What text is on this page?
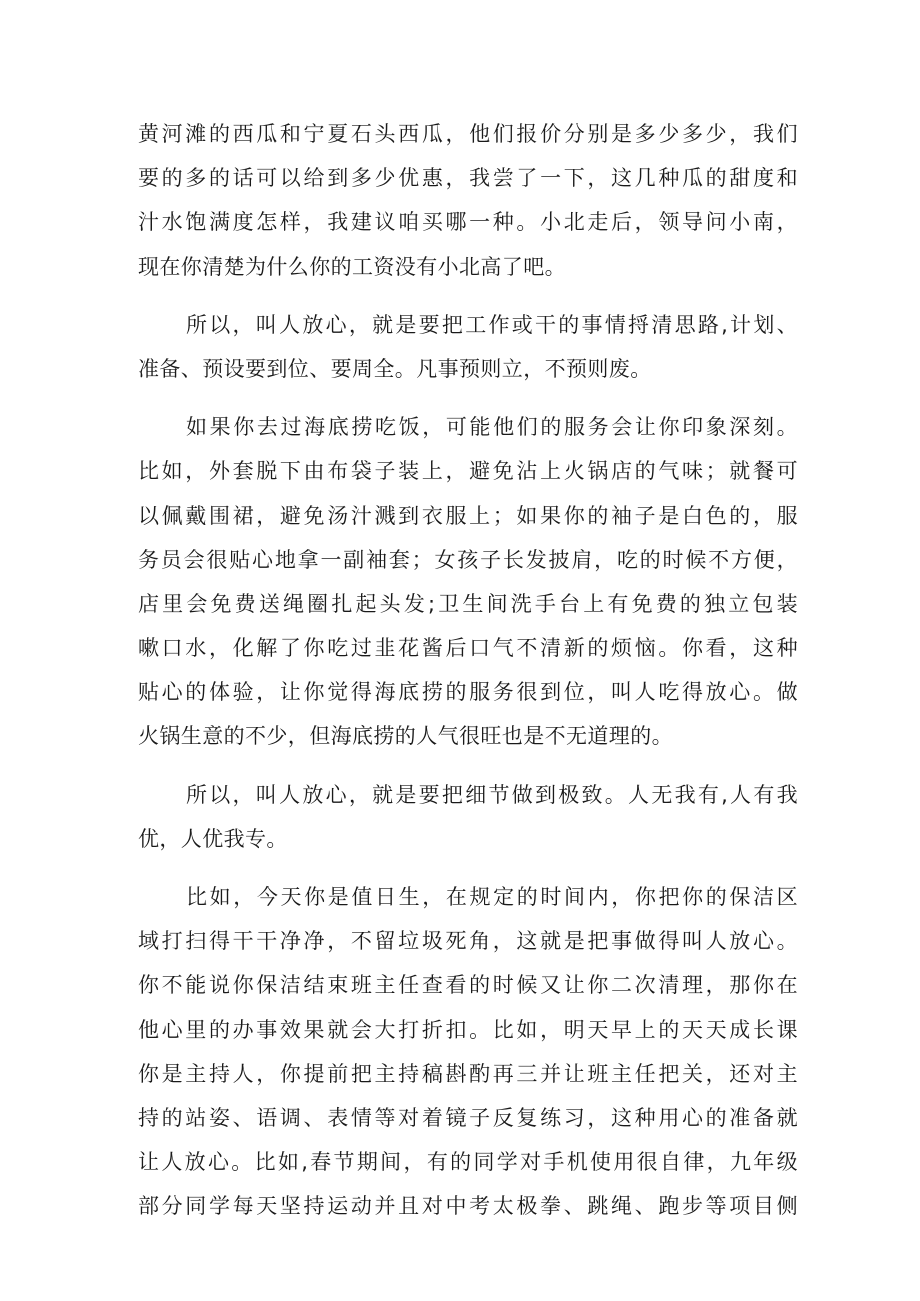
黄河滩的西瓜和宁夏石头西瓜，他们报价分别是多少多少，我们
要的多的话可以给到多少优惠，我尝了一下，这几种瓜的甜度和
汁水饱满度怎样，我建议咱买哪一种。小北走后，领导问小南，
现在你清楚为什么你的工资没有小北高了吧。
所以，叫人放心，就是要把工作或干的事情捋清思路,计划、
准备、预设要到位、要周全。凡事预则立，不预则废。
如果你去过海底捞吃饭，可能他们的服务会让你印象深刻。
比如，外套脱下由布袋子装上，避免沾上火锅店的气味；就餐可
以佩戴围裙，避免汤汁溅到衣服上；如果你的袖子是白色的，服
务员会很贴心地拿一副袖套；女孩子长发披肩，吃的时候不方便，
店里会免费送绳圈扎起头发;卫生间洗手台上有免费的独立包装
嗽口水，化解了你吃过韭花酱后口气不清新的烦恼。你看，这种
贴心的体验，让你觉得海底捞的服务很到位，叫人吃得放心。做
火锅生意的不少，但海底捞的人气很旺也是不无道理的。
所以，叫人放心，就是要把细节做到极致。人无我有,人有我
优，人优我专。
比如，今天你是值日生，在规定的时间内，你把你的保洁区
域打扫得干干净净，不留垃圾死角，这就是把事做得叫人放心。
你不能说你保洁结束班主任查看的时候又让你二次清理，那你在
他心里的办事效果就会大打折扣。比如，明天早上的天天成长课
你是主持人，你提前把主持稿斟酌再三并让班主任把关，还对主
持的站姿、语调、表情等对着镜子反复练习，这种用心的准备就
让人放心。比如,春节期间，有的同学对手机使用很自律，九年级
部分同学每天坚持运动并且对中考太极拳、跳绳、跑步等项目侧
